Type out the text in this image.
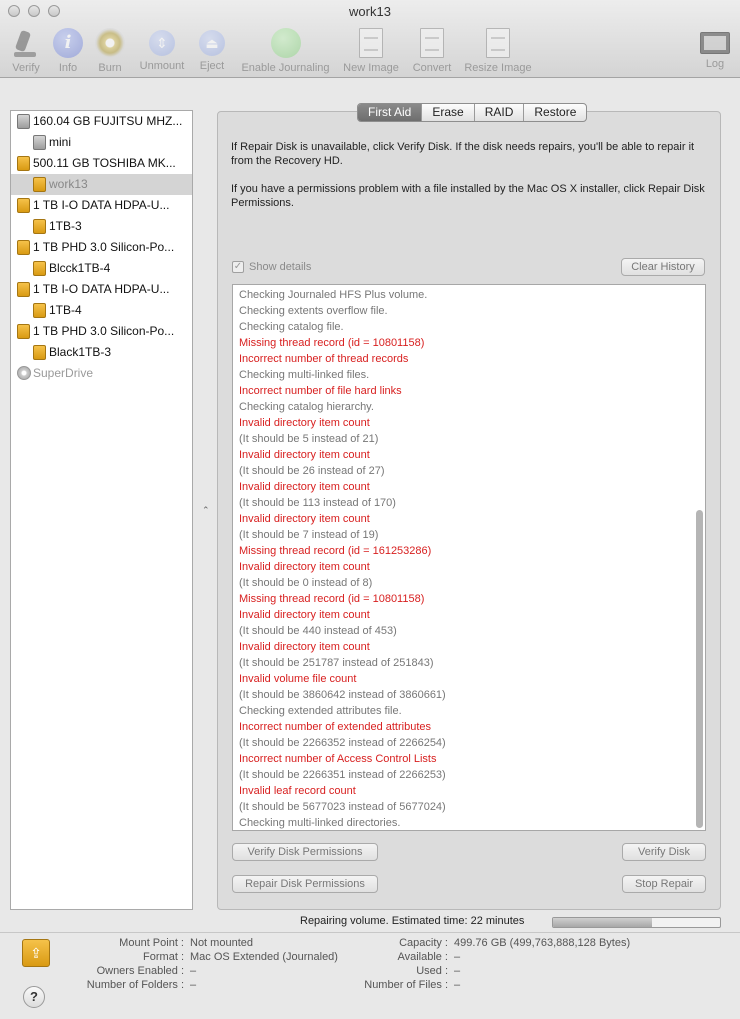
work13
Verify
i
Info	Burn
⇕
Unmount
⏏
Eject	Enable Journaling New Image Convert Resize Image	Log
160.04 GB FUJITSU MHZ...
mini
500.11 GB TOSHIBA MK...
work13
1 TB I-O DATA HDPA-U...
1TB-3
1 TB PHD 3.0 Silicon-Po...
Blcck1TB-4
1 TB I-O DATA HDPA-U...
1TB-4
1 TB PHD 3.0 Silicon-Po...
Black1TB-3
SuperDrive
⌃
First Aid	Erase	RAID	Restore
If Repair Disk is unavailable, click Verify Disk. If the disk needs repairs, you'll be able to repair it from the Recovery HD.
If you have a permissions problem with a file installed by the Mac OS X installer, click Repair Disk Permissions.
✓ Show details	Clear History
Checking Journaled HFS Plus volume.
Checking extents overflow file.
Checking catalog file.
Missing thread record (id = 10801158)
Incorrect number of thread records
Checking multi-linked files.
Incorrect number of file hard links
Checking catalog hierarchy.
Invalid directory item count
(It should be 5 instead of 21)
Invalid directory item count
(It should be 26 instead of 27)
Invalid directory item count
(It should be 113 instead of 170)
Invalid directory item count
(It should be 7 instead of 19)
Missing thread record (id = 161253286)
Invalid directory item count
(It should be 0 instead of 8)
Missing thread record (id = 10801158)
Invalid directory item count
(It should be 440 instead of 453)
Invalid directory item count
(It should be 251787 instead of 251843)
Invalid volume file count
(It should be 3860642 instead of 3860661)
Checking extended attributes file.
Incorrect number of extended attributes
(It should be 2266352 instead of 2266254)
Incorrect number of Access Control Lists
(It should be 2266351 instead of 2266253)
Invalid leaf record count
(It should be 5677023 instead of 5677024)
Checking multi-linked directories.
Verify Disk Permissions	Verify Disk
Repair Disk Permissions	Stop Repair
Repairing volume. Estimated time: 22 minutes
⇪
?
Mount Point : Not mounted
Format : Mac OS Extended (Journaled)
Owners Enabled : –
Number of Folders : –
Capacity : 499.76 GB (499,763,888,128 Bytes)
Available : –
Used : –
Number of Files : –
